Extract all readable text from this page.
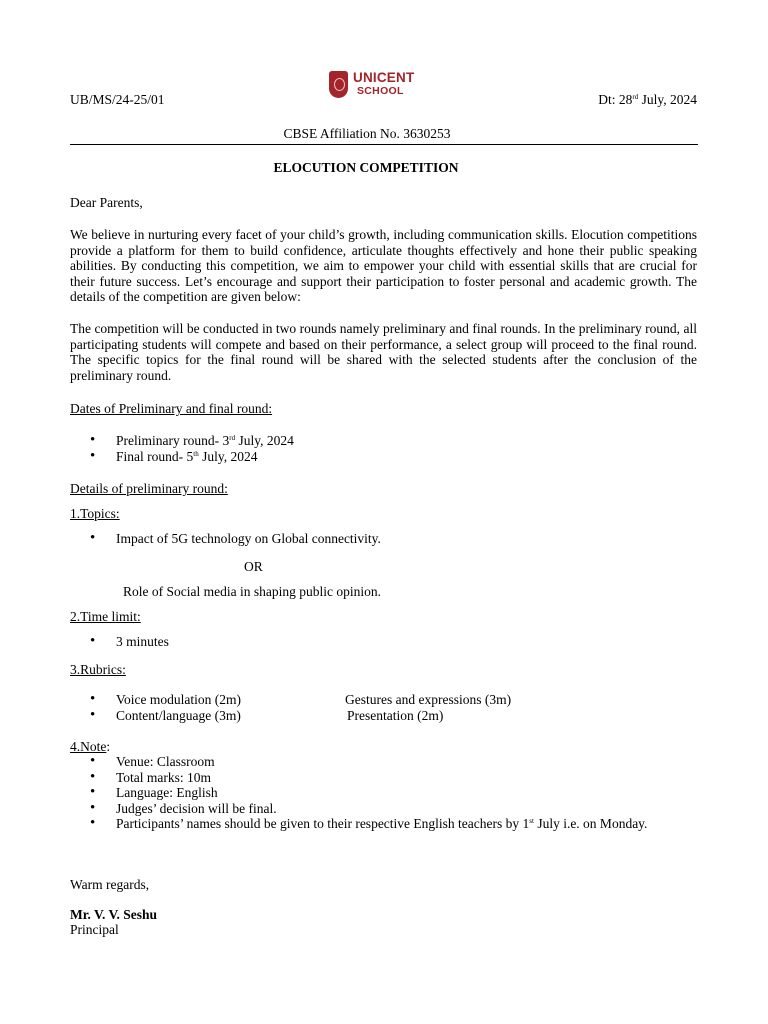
UB/MS/24-25/01
UNICENT
SCHOOL
Dt: 28rd July, 2024
CBSE Affiliation No. 3630253
ELOCUTION COMPETITION
Dear Parents,
We believe in nurturing every facet of your child’s growth, including communication skills. Elocution competitions provide a platform for them to build confidence, articulate thoughts effectively and hone their public speaking abilities. By conducting this competition, we aim to empower your child with essential skills that are crucial for their future success. Let’s encourage and support their participation to foster personal and academic growth. The details of the competition are given below:
The competition will be conducted in two rounds namely preliminary and final rounds. In the preliminary round, all participating students will compete and based on their performance, a select group will proceed to the final round. The specific topics for the final round will be shared with the selected students after the conclusion of the preliminary round.
Dates of Preliminary and final round:
• Preliminary round- 3rd July, 2024
• Final round- 5th July, 2024
Details of preliminary round:
1.Topics:
• Impact of 5G technology on Global connectivity.
OR
Role of Social media in shaping public opinion.
2.Time limit:
• 3 minutes
3.Rubrics:
• Voice modulation (2m)	Gestures and expressions (3m)
• Content/language (3m)	Presentation (2m)
4.Note:
• Venue: Classroom
• Total marks: 10m
• Language: English
• Judges’ decision will be final.
• Participants’ names should be given to their respective English teachers by 1st July i.e. on Monday.
Warm regards,
Mr. V. V. Seshu
Principal
